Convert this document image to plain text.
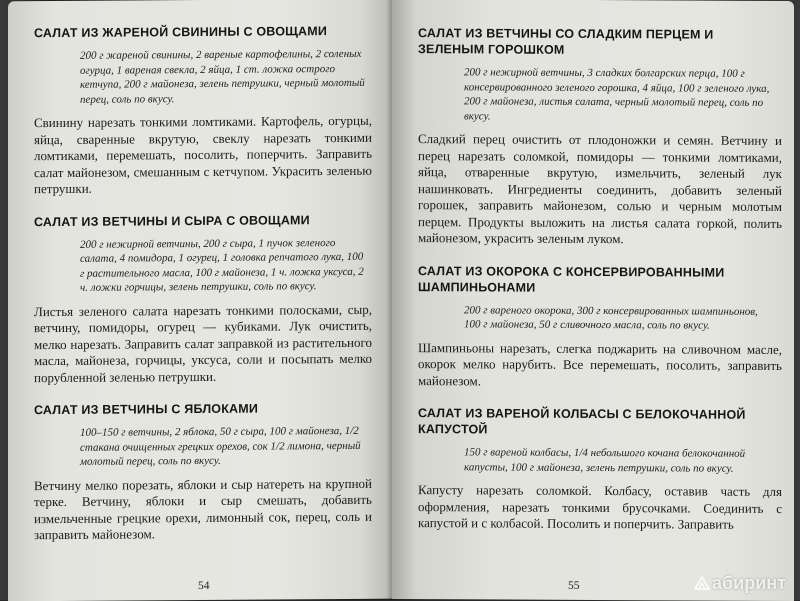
САЛАТ ИЗ ЖАРЕНОЙ СВИНИНЫ С ОВОЩАМИ
200 г жареной свинины, 2 вареные картофелины, 2 соленых огурца, 1 вареная свекла, 2 яйца, 1 ст. ложка острого кетчупа, 200 г майонеза, зелень петрушки, черный молотый перец, соль по вкусу.

Свинину нарезать тонкими ломтиками. Картофель, огурцы, яйца, сваренные вкрутую, свеклу нарезать тонкими ломтиками, перемешать, посолить, поперчить. Заправить салат майонезом, смешанным с кетчупом. Украсить зеленью петрушки.

САЛАТ ИЗ ВЕТЧИНЫ И СЫРА С ОВОЩАМИ
200 г нежирной ветчины, 200 г сыра, 1 пучок зеленого салата, 4 помидора, 1 огурец, 1 головка репчатого лука, 100 г растительного масла, 100 г майонеза, 1 ч. ложка уксуса, 2 ч. ложки горчицы, зелень петрушки, соль по вкусу.

Листья зеленого салата нарезать тонкими полосками, сыр, ветчину, помидоры, огурец — кубиками. Лук очистить, мелко нарезать. Заправить салат заправкой из растительного масла, майонеза, горчицы, уксуса, соли и посыпать мелко порубленной зеленью петрушки.

САЛАТ ИЗ ВЕТЧИНЫ С ЯБЛОКАМИ
100–150 г ветчины, 2 яблока, 50 г сыра, 100 г майонеза, 1/2 стакана очищенных грецких орехов, сок 1/2 лимона, черный молотый перец, соль по вкусу.

Ветчину мелко порезать, яблоки и сыр натереть на крупной терке. Ветчину, яблоки и сыр смешать, добавить измельченные грецкие орехи, лимонный сок, перец, соль и заправить майонезом.

54
САЛАТ ИЗ ВЕТЧИНЫ СО СЛАДКИМ ПЕРЦЕМ И ЗЕЛЕНЫМ ГОРОШКОМ
200 г нежирной ветчины, 3 сладких болгарских перца, 100 г консервированного зеленого горошка, 4 яйца, 100 г зеленого лука, 200 г майонеза, листья салата, черный молотый перец, соль по вкусу.

Сладкий перец очистить от плодоножки и семян. Ветчину и перец нарезать соломкой, помидоры — тонкими ломтиками, яйца, отваренные вкрутую, измельчить, зеленый лук нашинковать. Ингредиенты соединить, добавить зеленый горошек, заправить майонезом, солью и черным молотым перцем. Продукты выложить на листья салата горкой, полить майонезом, украсить зеленым луком.

САЛАТ ИЗ ОКОРОКА С КОНСЕРВИРОВАННЫМИ ШАМПИНЬОНАМИ
200 г вареного окорока, 300 г консервированных шампиньонов, 100 г майонеза, 50 г сливочного масла, соль по вкусу.

Шампиньоны нарезать, слегка поджарить на сливочном масле, окорок мелко нарубить. Все перемешать, посолить, заправить майонезом.

САЛАТ ИЗ ВАРЕНОЙ КОЛБАСЫ С БЕЛОКОЧАННОЙ КАПУСТОЙ
150 г вареной колбасы, 1/4 небольшого кочана белокочанной капусты, 100 г майонеза, зелень петрушки, соль по вкусу.

Капусту нарезать соломкой. Колбасу, оставив часть для оформления, нарезать тонкими брусочками. Соединить с капустой и с колбасой. Посолить и поперчить. Заправить

55	абиринт
